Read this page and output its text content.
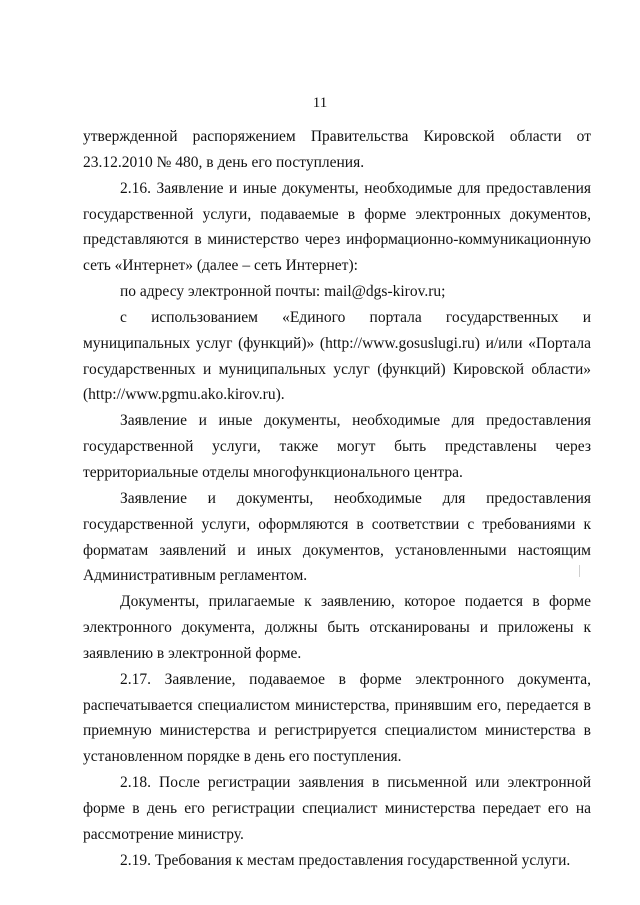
11

утвержденной распоряжением Правительства Кировской области от 23.12.2010 № 480, в день его поступления.

2.16. Заявление и иные документы, необходимые для предоставления государственной услуги, подаваемые в форме электронных документов, представляются в министерство через информационно-коммуникационную сеть «Интернет» (далее – сеть Интернет):

по адресу электронной почты: mail@dgs-kirov.ru;

с использованием «Единого портала государственных и муниципальных услуг (функций)» (http://www.gosuslugi.ru) и/или «Портала государственных и муниципальных услуг (функций) Кировской области» (http://www.pgmu.ako.kirov.ru).

Заявление и иные документы, необходимые для предоставления государственной услуги, также могут быть представлены через территориальные отделы многофункционального центра.

Заявление и документы, необходимые для предоставления государственной услуги, оформляются в соответствии с требованиями к форматам заявлений и иных документов, установленными настоящим Административным регламентом.

Документы, прилагаемые к заявлению, которое подается в форме электронного документа, должны быть отсканированы и приложены к заявлению в электронной форме.

2.17. Заявление, подаваемое в форме электронного документа, распечатывается специалистом министерства, принявшим его, передается в приемную министерства и регистрируется специалистом министерства в установленном порядке в день его поступления.

2.18. После регистрации заявления в письменной или электронной форме в день его регистрации специалист министерства передает его на рассмотрение министру.

2.19. Требования к местам предоставления государственной услуги.
